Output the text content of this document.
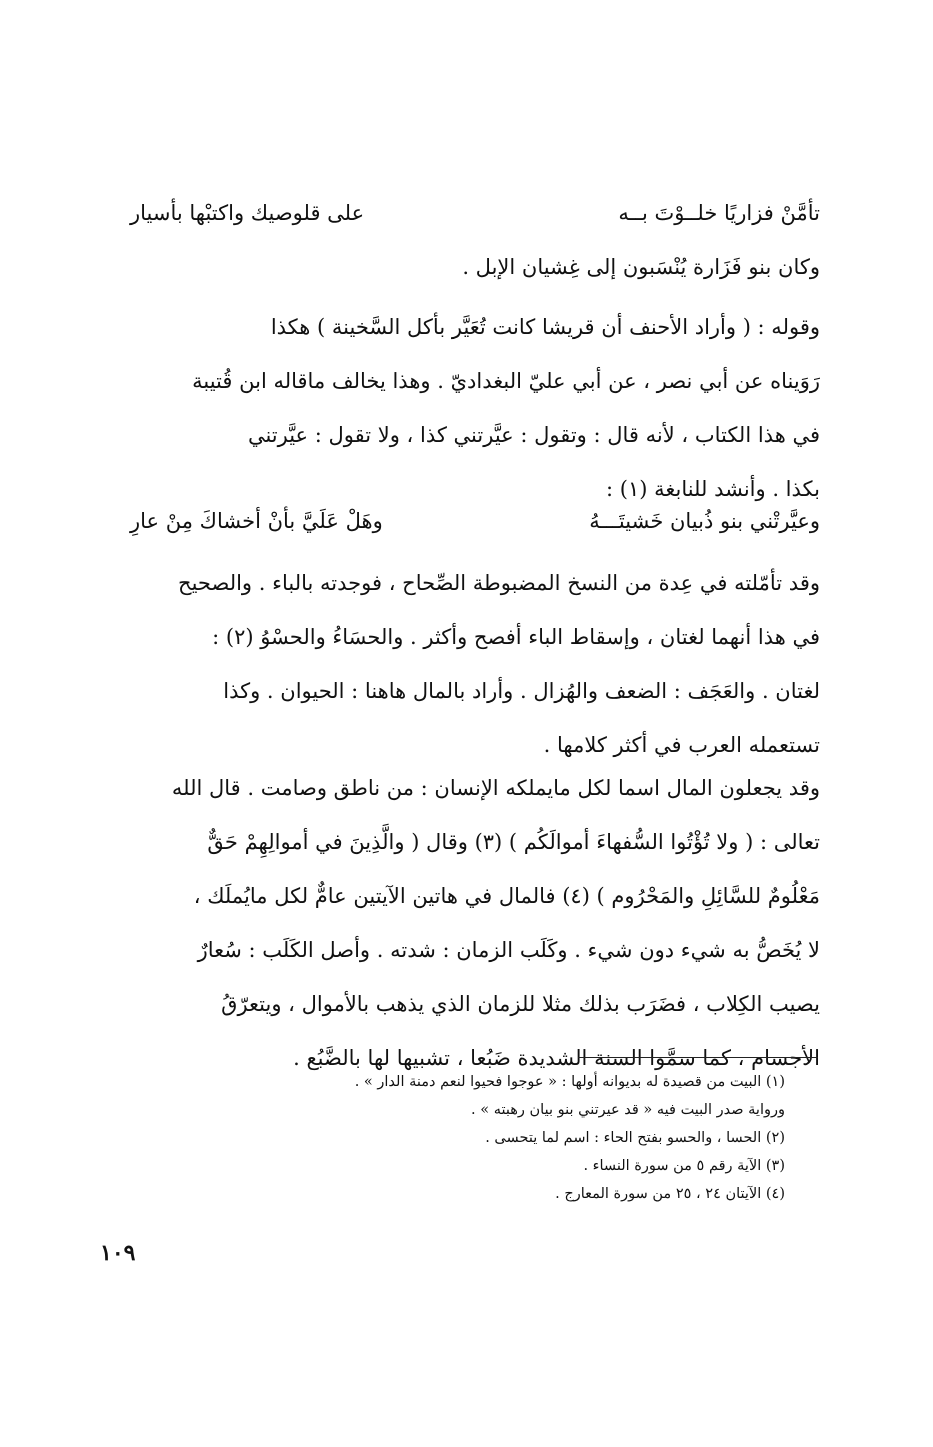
تأمَّنْ فزاريًا خلــوْتَ بــه
على قلوصيك واكتبْها بأسيار
وكان بنو فَزَارة يُنْسَبون إلى غِشيان الإبل .
وقوله : ( وأراد الأحنف أن قريشا كانت تُعَيَّر بأكل السَّخينة ) هكذا
رَوَيناه عن أبي نصر ، عن أبي عليّ البغداديّ . وهذا يخالف ماقاله ابن قُتيبة
في هذا الكتاب ، لأنه قال : وتقول : عيَّرتني كذا ، ولا تقول : عيَّرتني
بكذا . وأنشد للنابغة (١) :
وعيَّرتْني بنو ذُبيان خَشيتَـــهُ
وهَلْ عَلَيَّ بأنْ أخشاكَ مِنْ عارِ
وقد تأمّلته في عِدة من النسخ المضبوطة الصِّحاح ، فوجدته بالباء . والصحيح
في هذا أنهما لغتان ، وإسقاط الباء أفصح وأكثر . والحسَاءُ والحسْوُ (٢) :
لغتان . والعَجَف : الضعف والهُزال . وأراد بالمال هاهنا : الحيوان . وكذا
تستعمله العرب في أكثر كلامها .
وقد يجعلون المال اسما لكل مايملكه الإنسان : من ناطق وصامت . قال الله
تعالى : ( ولا تُؤْتُوا السُّفهاءَ أموالَكُم ) (٣) وقال ( والَّذِينَ في أموالِهِمْ حَقٌّ
مَعْلُومٌ للسَّائِلِ والمَحْرُوم ) (٤) فالمال في هاتين الآيتين عامٌّ لكل مايُملَك ،
لا يُخَصُّ به شيء دون شيء . وكَلَب الزمان : شدته . وأصل الكَلَب : سُعارٌ
يصيب الكِلاب ، فضَرَب بذلك مثلا للزمان الذي يذهب بالأموال ، ويتعرّقُ
الأجسام ، كما سمَّوا السنة الشديدة ضَبُعا ، تشبيها لها بالضَّبُع .
(١) البيت من قصيدة له بديوانه أولها : « عوجوا فحيوا لنعم دمنة الدار » .
ورواية صدر البيت فيه « قد عيرتني بنو بيان رهبته » .
(٢) الحسا ، والحسو بفتح الحاء : اسم لما يتحسى .
(٣) الآية رقم ٥ من سورة النساء .
(٤) الآيتان ٢٤ ، ٢٥ من سورة المعارج .
١٠٩
